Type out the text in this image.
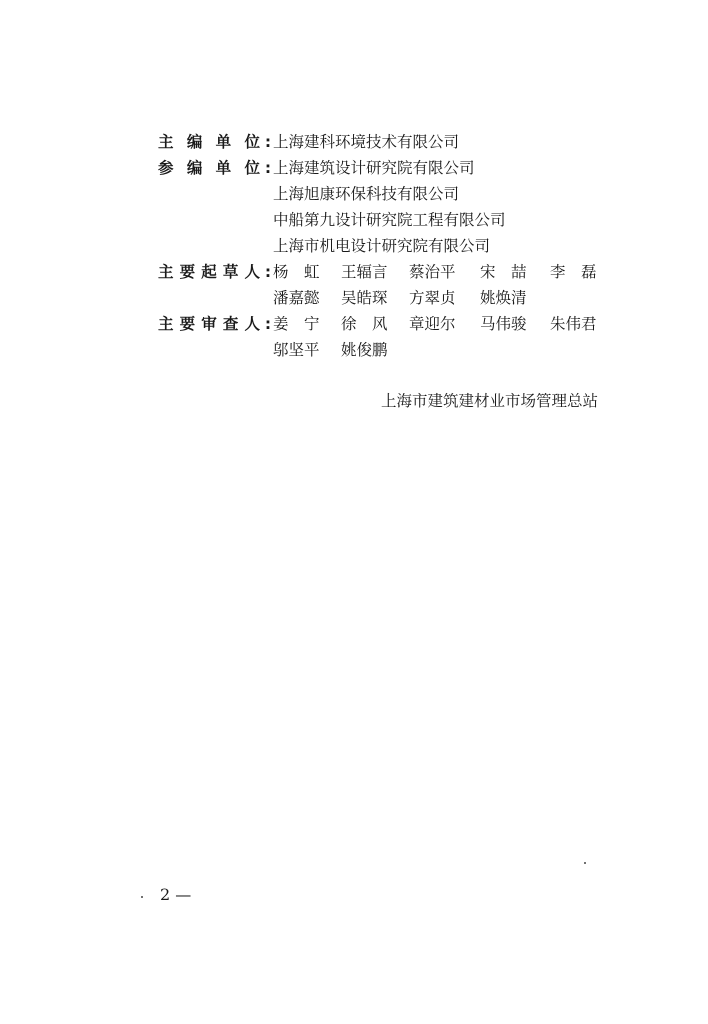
主 编 单 位 : 上海建科环境技术有限公司
参 编 单 位 : 上海建筑设计研究院有限公司
上海旭康环保科技有限公司
中船第九设计研究院工程有限公司
上海市机电设计研究院有限公司
主 要 起 草 人 : 杨　虹 王辐言 蔡治平 宋　喆 李　磊
潘嘉懿 吴皓琛 方翠贞 姚焕清
主 要 审 查 人 : 姜　宁 徐　风 章迎尔 马伟骏 朱伟君
邬坚平 姚俊鹏
上海市建筑建材业市场管理总站
2 —
